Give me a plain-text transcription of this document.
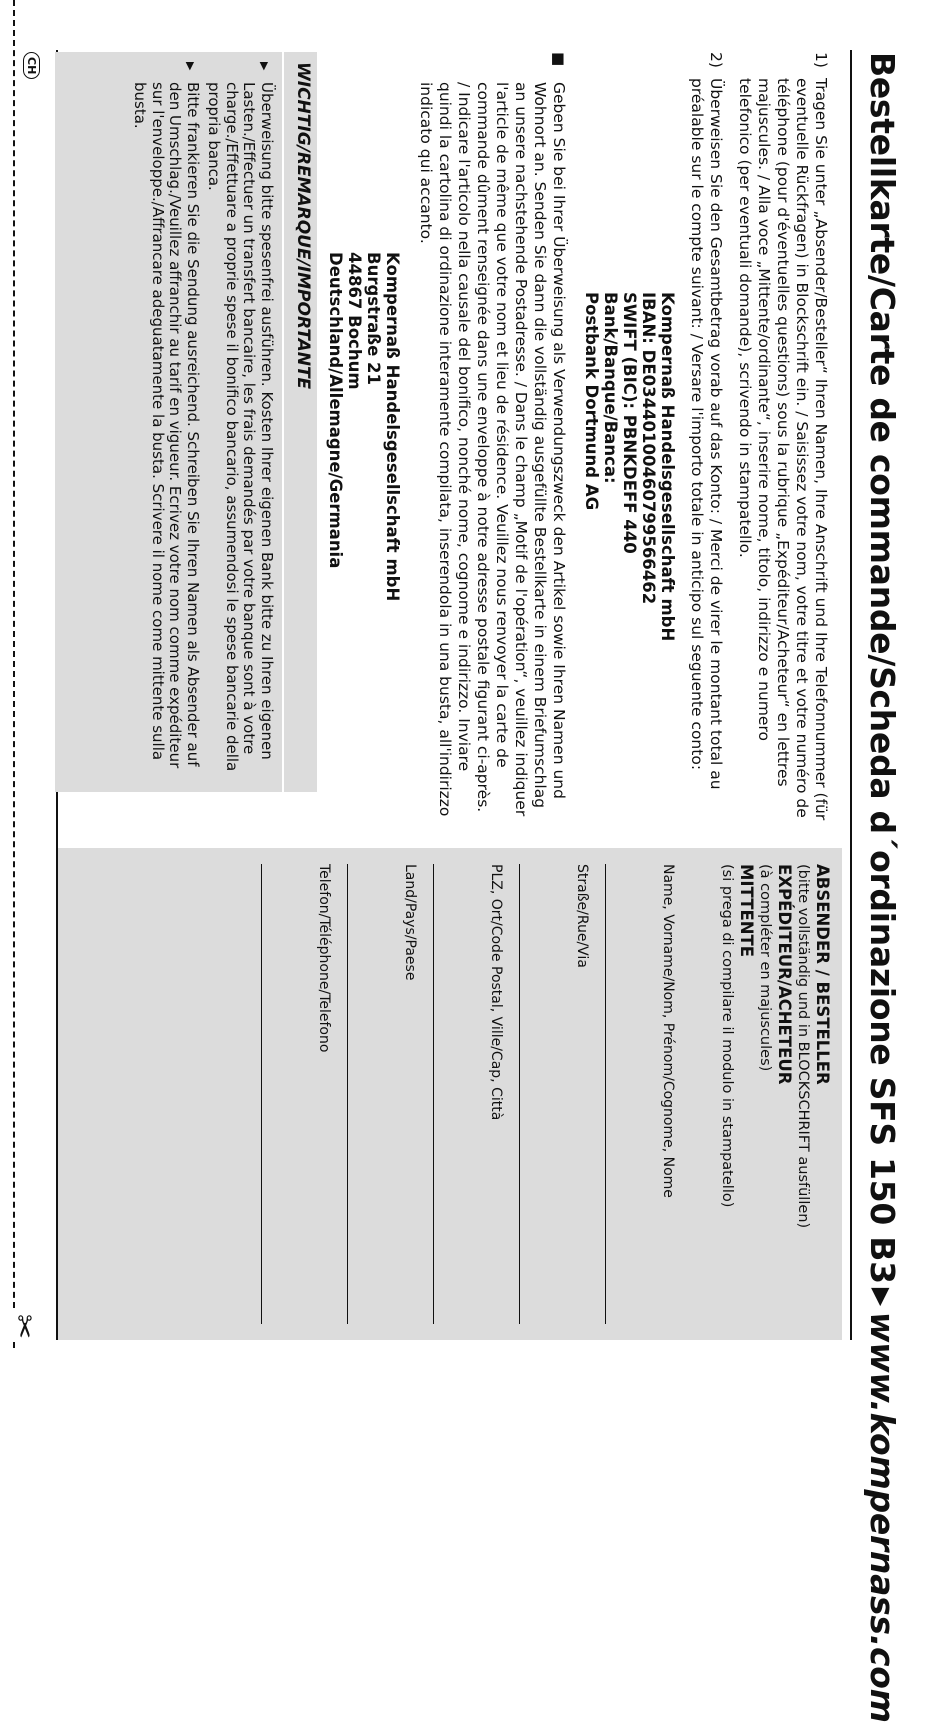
✂
Bestellkarte/Carte de commande/Scheda d´ordinazione SFS 150 B3▶www.kompernass.com
1)

Tragen Sie unter „Absender/Besteller“ Ihren Namen, Ihre Anschrift und Ihre Telefonnummer (für eventuelle Rückfragen) in Blockschrift ein. / Saisissez votre nom, votre titre et votre numéro de téléphone (pour d'éventuelles questions) sous la rubrique „Expéditeur/Acheteur“ en lettres majuscules. / Alla voce „Mittente/ordinante“, inserire nome, titolo, indirizzo e numero telefonico (per eventuali domande), scrivendo in stampatello.

2)

Überweisen Sie den Gesamtbetrag vorab auf das Konto: / Merci de virer le montant total au préalable sur le compte suivant: / Versare l'importo totale in anticipo sul seguente conto:

Kompernaß Handelsgesellschaft mbH
IBAN: DE03440100460799566462
SWIFT (BIC): PBNKDEFF 440
Bank/Banque/Banca:
Postbank Dortmund AG
■

Geben Sie bei Ihrer Überweisung als Verwendungszweck den Artikel sowie Ihren Namen und Wohnort an. Senden Sie dann die vollständig ausgefüllte Bestellkarte in einem Briefumschlag an unsere nachstehende Postadresse. / Dans le champ „Motif de l'opération“, veuillez indiquer l'article de même que votre nom et lieu de résidence. Veuillez nous renvoyer la carte de commande dûment renseignée dans une enveloppe à notre adresse postale figurant ci-après. / Indicare l'articolo nella causale del bonifico, nonché nome, cognome e indirizzo. Inviare quindi la cartolina di ordinazione interamente compilata, inserendola in una busta, all'indirizzo indicato qui accanto.

Kompernaß Handelsgesellschaft mbH
Burgstraße 21
44867 Bochum
Deutschland/Allemagne/Germania
WICHTIG/REMARQUE/IMPORTANTE
▶

Überweisung bitte spesenfrei ausführen. Kosten Ihrer eigenen Bank bitte zu Ihren eigenen Lasten./Effectuer un transfert bancaire, les frais demandés par votre banque sont à votre charge./Effettuare a proprie spese il bonifico bancario, assumendosi le spese bancarie della propria banca.

▶

Bitte frankieren Sie die Sendung ausreichend. Schreiben Sie Ihren Namen als Absender auf den Umschlag./Veuillez affranchir au tarif en vigueur. Ecrivez votre nom comme expéditeur sur l'enveloppe./Affrancare adeguatamente la busta. Scrivere il nome come mittente sulla busta.

CH
ABSENDER / BESTELLER
(bitte vollständig und in BLOCKSCHRIFT ausfüllen)
EXPÉDITEUR/ACHETEUR
(à compléter en majuscules)
MITTENTE
(si prega di compilare il modulo in stampatello)
Name, Vorname/Nom, Prénom/Cognome, Nome
Straße/Rue/Via
PLZ, Ort/Code Postal, Ville/Cap, Città
Land/Pays/Paese
Telefon/Téléphone/Telefono
